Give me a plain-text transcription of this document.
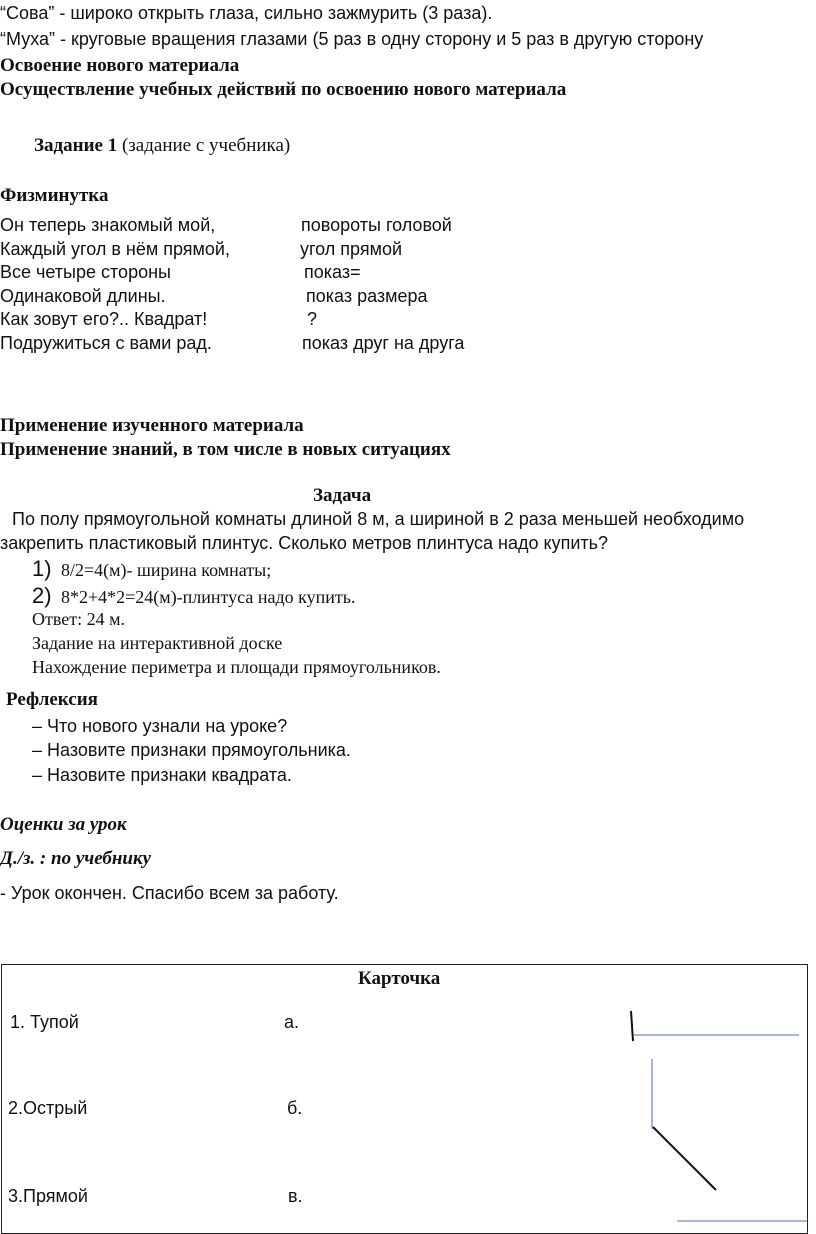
“Сова” - широко открыть глаза, сильно зажмурить (3 раза).
“Муха” - круговые вращения глазами (5 раз в одну сторону и 5 раз в другую сторону
Освоение нового материала
Осуществление учебных действий по освоению нового материала
Задание 1 (задание с учебника)
Физминутка
Он теперь знакомый мой,	повороты головой
Каждый угол в нём прямой,	угол прямой
Все четыре стороны	показ=
Одинаковой длины.	показ размера
Как зовут его?.. Квадрат!	?
Подружиться с вами рад.	показ друг на друга
Применение изученного материала
Применение знаний, в том числе в новых ситуациях
Задача
По полу прямоугольной комнаты длиной 8 м, а шириной в 2 раза меньшей необходимо
закрепить пластиковый плинтус. Сколько метров плинтуса надо купить?
1) 8/2=4(м)- ширина комнаты;
2) 8*2+4*2=24(м)-плинтуса надо купить.
Ответ: 24 м.
Задание на интерактивной доске
Нахождение периметра и площади прямоугольников.
Рефлексия
– Что нового узнали на уроке?
– Назовите признаки прямоугольника.
– Назовите признаки квадрата.
Оценки за урок
Д./з. : по учебнику
- Урок окончен. Спасибо всем за работу.
Карточка
1. Тупой	а.
2.Острый	б.
3.Прямой	в.
